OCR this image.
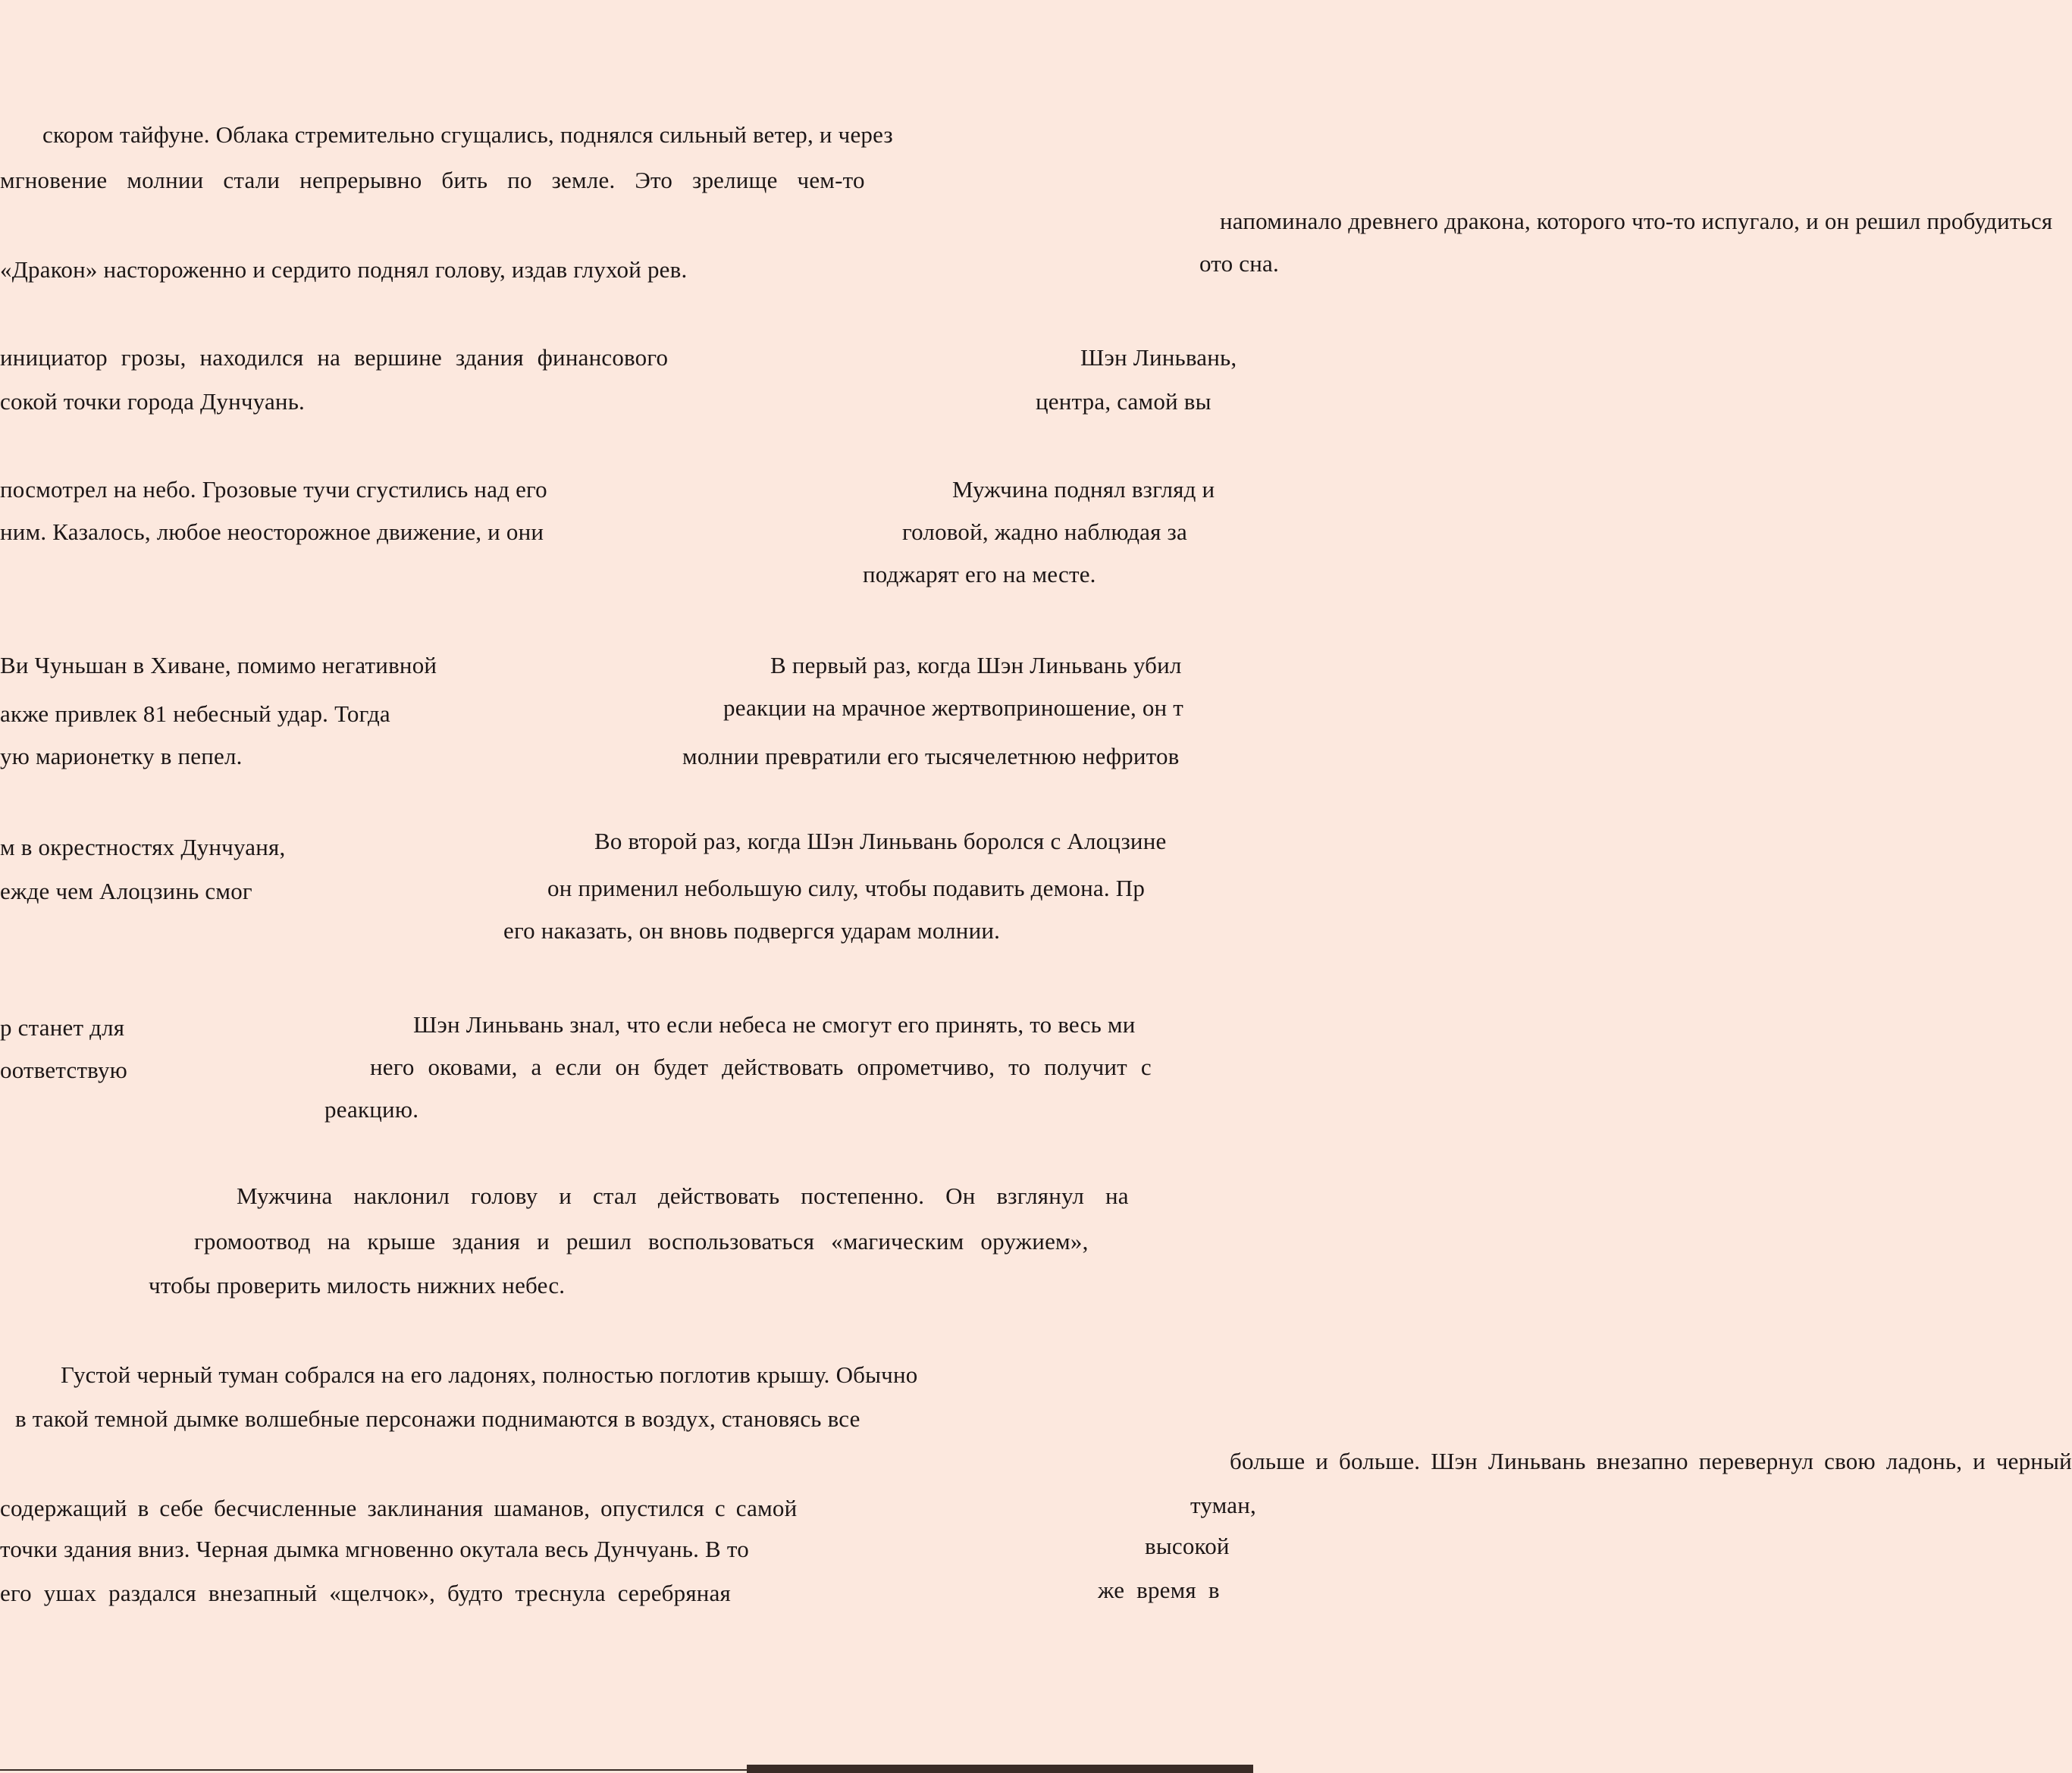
скором тайфуне. Облака стремительно сгущались, поднялся сильный ветер, и через
мгновение молнии стали непрерывно бить по земле. Это зрелище чем-то
напоминало древнего дракона, которого что-то испугало, и он решил пробудиться
ото сна.
«Дракон» настороженно и сердито поднял голову, издав глухой рев.
Шэн Линьвань,
инициатор грозы, находился на вершине здания финансового
центра, самой вы
сокой точки города Дунчуань.
Мужчина поднял взгляд и
посмотрел на небо. Грозовые тучи сгустились над его
головой, жадно наблюдая за
ним. Казалось, любое неосторожное движение, и они
поджарят его на месте.
В первый раз, когда Шэн Линьвань убил
Ви Чуньшан в Хиване, помимо негативной
реакции на мрачное жертвоприношение, он т
акже привлек 81 небесный удар. Тогда
молнии превратили его тысячелетнюю нефритов
ую марионетку в пепел.
Во второй раз, когда Шэн Линьвань боролся с Алоцзине
м в окрестностях Дунчуаня,
он применил небольшую силу, чтобы подавить демона. Пр
ежде чем Алоцзинь смог
его наказать, он вновь подвергся ударам молнии.
Шэн Линьвань знал, что если небеса не смогут его принять, то весь ми
р станет для
него оковами, а если он будет действовать опрометчиво, то получит с
оответствую
реакцию.
Мужчина наклонил голову и стал действовать постепенно. Он взглянул на
громоотвод на крыше здания и решил воспользоваться «магическим оружием»,
чтобы проверить милость нижних небес.
Густой черный туман собрался на его ладонях, полностью поглотив крышу. Обычно
в такой темной дымке волшебные персонажи поднимаются в воздух, становясь все
больше и больше. Шэн Линьвань внезапно перевернул свою ладонь, и черный
туман,
содержащий в себе бесчисленные заклинания шаманов, опустился с самой
высокой
точки здания вниз. Черная дымка мгновенно окутала весь Дунчуань. В то
же время в
его ушах раздался внезапный «щелчок», будто треснула серебряная
